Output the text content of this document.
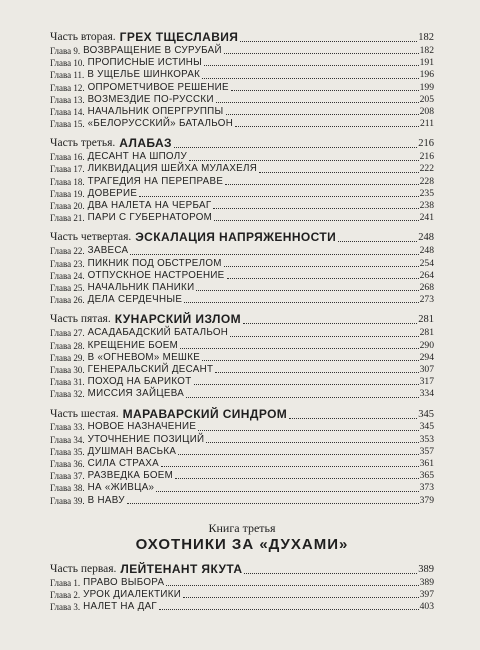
Часть вторая. ГРЕХ ТЩЕСЛАВИЯ	182
Глава 9. ВОЗВРАЩЕНИЕ В СУРУБАЙ	182
Глава 10. ПРОПИСНЫЕ ИСТИНЫ	191
Глава 11. В УЩЕЛЬЕ ШИНКОРАК	196
Глава 12. ОПРОМЕТЧИВОЕ РЕШЕНИЕ	199
Глава 13. ВОЗМЕЗДИЕ ПО-РУССКИ	205
Глава 14. НАЧАЛЬНИК ОПЕРГРУППЫ	208
Глава 15. «БЕЛОРУССКИЙ» БАТАЛЬОН	211
Часть третья. АЛАБАЗ	216
Глава 16. ДЕСАНТ НА ШПОЛУ	216
Глава 17. ЛИКВИДАЦИЯ ШЕЙХА МУЛАХЕЛЯ	222
Глава 18. ТРАГЕДИЯ НА ПЕРЕПРАВЕ	228
Глава 19. ДОВЕРИЕ	235
Глава 20. ДВА НАЛЕТА НА ЧЕРБАГ	238
Глава 21. ПАРИ С ГУБЕРНАТОРОМ	241
Часть четвертая. ЭСКАЛАЦИЯ НАПРЯЖЕННОСТИ	248
Глава 22. ЗАВЕСА	248
Глава 23. ПИКНИК ПОД ОБСТРЕЛОМ	254
Глава 24. ОТПУСКНОЕ НАСТРОЕНИЕ	264
Глава 25. НАЧАЛЬНИК ПАНИКИ	268
Глава 26. ДЕЛА СЕРДЕЧНЫЕ	273
Часть пятая. КУНАРСКИЙ ИЗЛОМ	281
Глава 27. АСАДАБАДСКИЙ БАТАЛЬОН	281
Глава 28. КРЕЩЕНИЕ БОЕМ	290
Глава 29. В «ОГНЕВОМ» МЕШКЕ	294
Глава 30. ГЕНЕРАЛЬСКИЙ ДЕСАНТ	307
Глава 31. ПОХОД НА БАРИКОТ	317
Глава 32. МИССИЯ ЗАЙЦЕВА	334
Часть шестая. МАРАВАРСКИЙ СИНДРОМ	345
Глава 33. НОВОЕ НАЗНАЧЕНИЕ	345
Глава 34. УТОЧНЕНИЕ ПОЗИЦИЙ	353
Глава 35. ДУШМАН ВАСЬКА	357
Глава 36. СИЛА СТРАХА	361
Глава 37. РАЗВЕДКА БОЕМ	365
Глава 38. НА «ЖИВЦА»	373
Глава 39. В НАВУ	379
Книга третья
ОХОТНИКИ ЗА «ДУХАМИ»
Часть первая. ЛЕЙТЕНАНТ ЯКУТА	389
Глава 1. ПРАВО ВЫБОРА	389
Глава 2. УРОК ДИАЛЕКТИКИ	397
Глава 3. НАЛЕТ НА ДАГ	403
